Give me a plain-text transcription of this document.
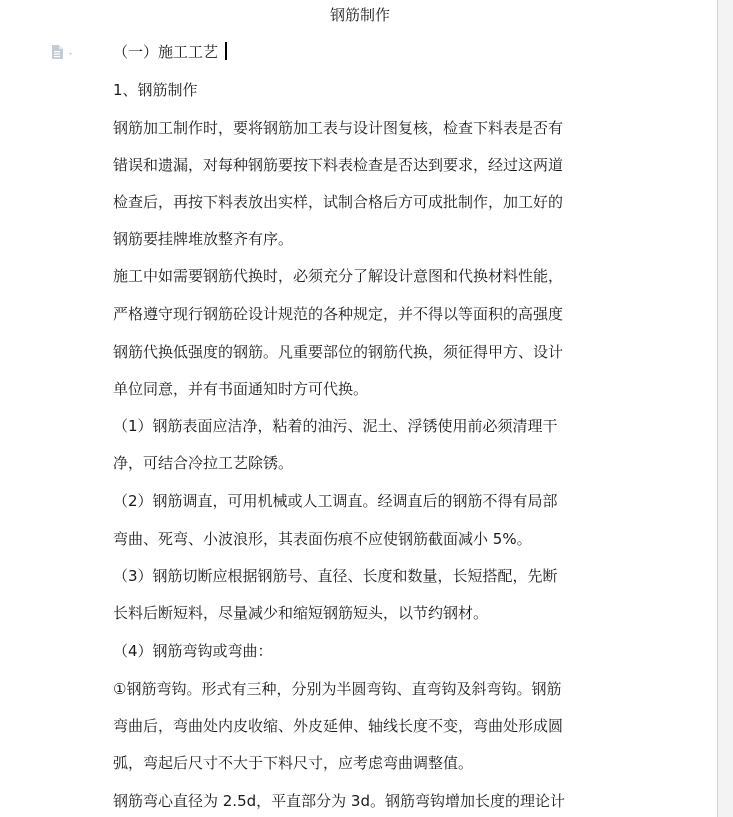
钢筋制作
（一）施工工艺
1、钢筋制作
钢筋加工制作时，要将钢筋加工表与设计图复核，检查下料表是否有
错误和遗漏，对每种钢筋要按下料表检查是否达到要求，经过这两道
检查后，再按下料表放出实样，试制合格后方可成批制作，加工好的
钢筋要挂牌堆放整齐有序。
施工中如需要钢筋代换时，必须充分了解设计意图和代换材料性能，
严格遵守现行钢筋砼设计规范的各种规定，并不得以等面积的高强度
钢筋代换低强度的钢筋。凡重要部位的钢筋代换，须征得甲方、设计
单位同意，并有书面通知时方可代换。
（1）钢筋表面应洁净，粘着的油污、泥土、浮锈使用前必须清理干
净，可结合冷拉工艺除锈。
（2）钢筋调直，可用机械或人工调直。经调直后的钢筋不得有局部
弯曲、死弯、小波浪形，其表面伤痕不应使钢筋截面减小 5%。
（3）钢筋切断应根据钢筋号、直径、长度和数量，长短搭配，先断
长料后断短料，尽量减少和缩短钢筋短头，以节约钢材。
（4）钢筋弯钩或弯曲：
①钢筋弯钩。形式有三种，分别为半圆弯钩、直弯钩及斜弯钩。钢筋
弯曲后，弯曲处内皮收缩、外皮延伸、轴线长度不变，弯曲处形成圆
弧，弯起后尺寸不大于下料尺寸，应考虑弯曲调整值。
钢筋弯心直径为 2.5d，平直部分为 3d。钢筋弯钩增加长度的理论计
